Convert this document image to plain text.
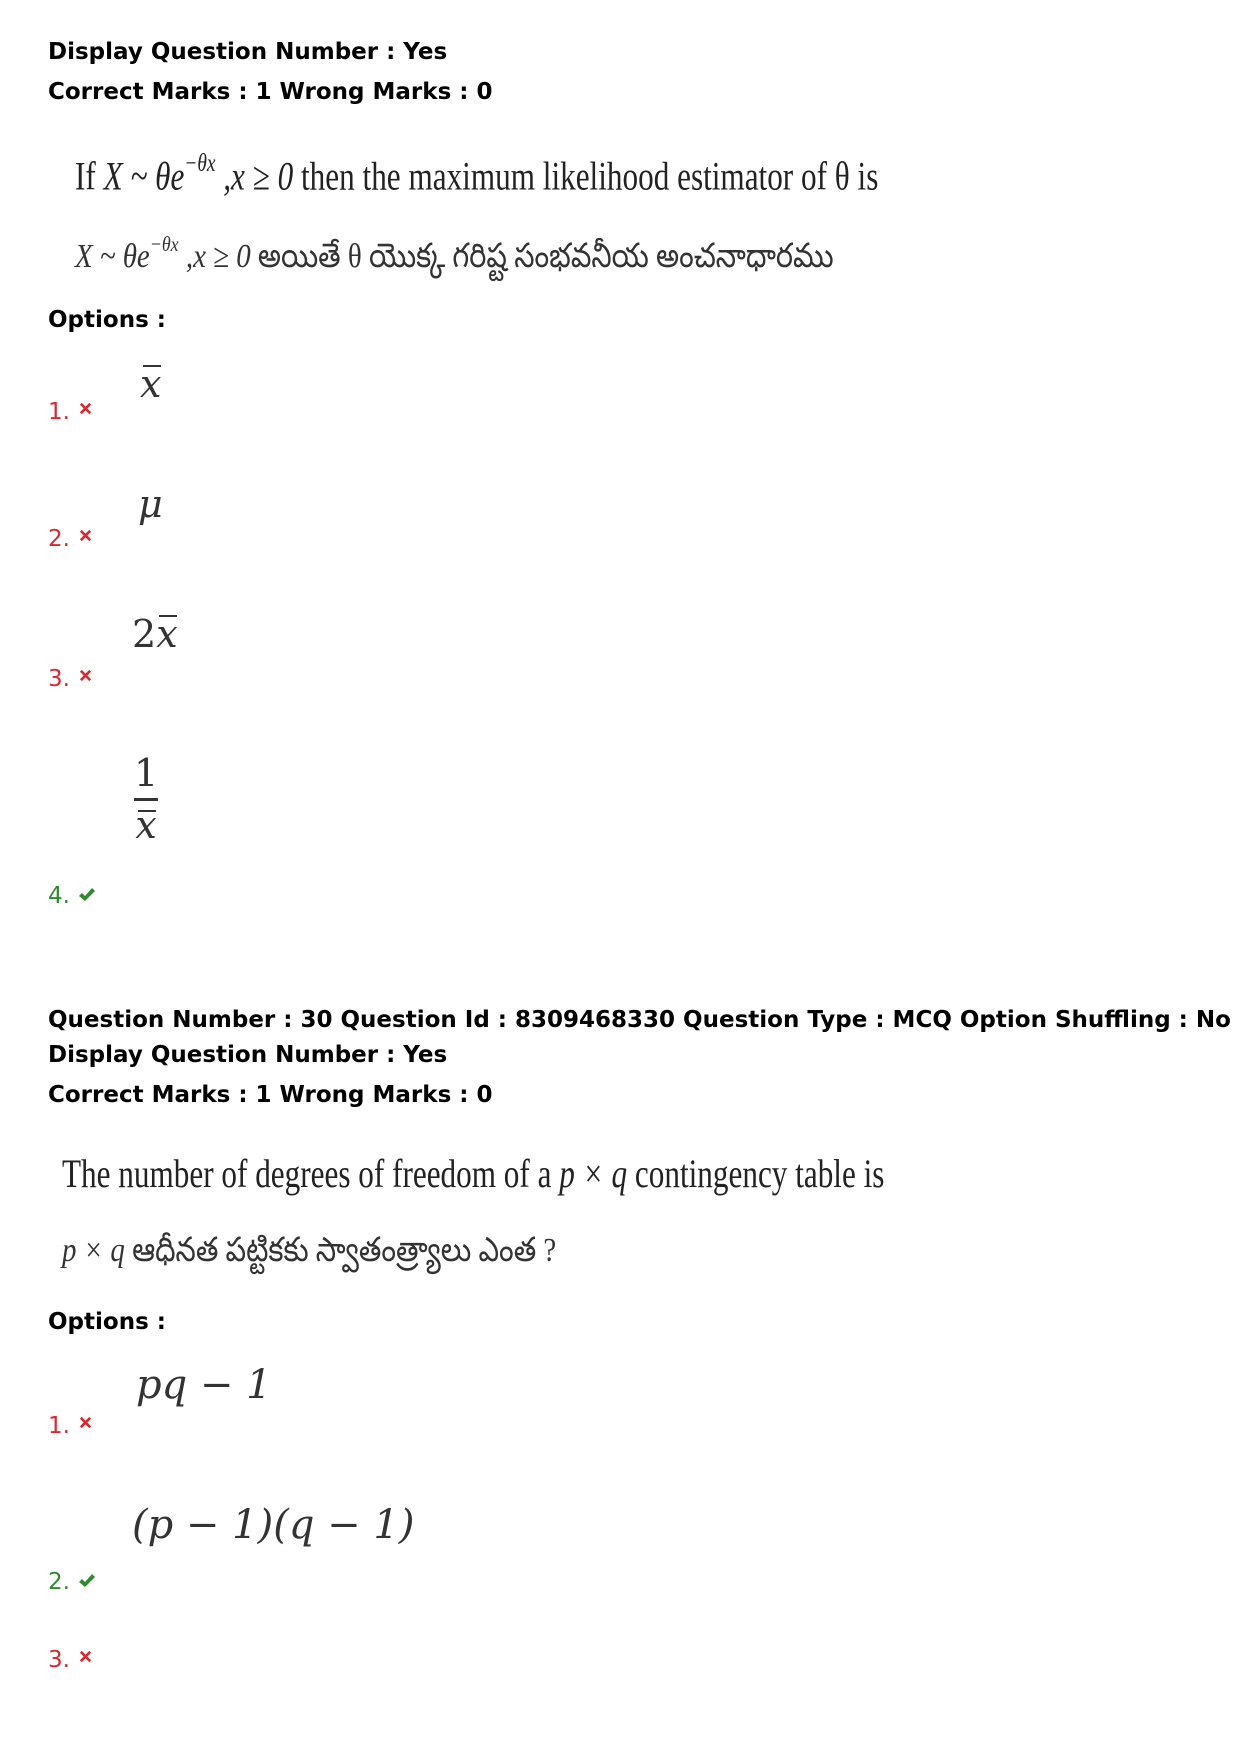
Display Question Number : Yes
Correct Marks : 1 Wrong Marks : 0
If X ~ $\theta e^{-\theta x}$ ,x ≥ 0 then the maximum likelihood estimator of θ is
X ~ $\theta e^{-\theta x}$ ,x ≥ 0 అయితే θ యొక్క గరిష్ట సంభవనీయ అంచనాధారము
Options :
x
1.
μ
2.
2x
3.
$\frac{1}{x}$
4.
Question Number : 30 Question Id : 8309468330 Question Type : MCQ Option Shuffling : No
Display Question Number : Yes
Correct Marks : 1 Wrong Marks : 0
The number of degrees of freedom of a p × q contingency table is
p × q ఆధీనత పట్టికకు స్వాతంత్ర్యాలు ఎంత ?
Options :
pq − 1
1.
(p − 1)(q − 1)
2.
3.
